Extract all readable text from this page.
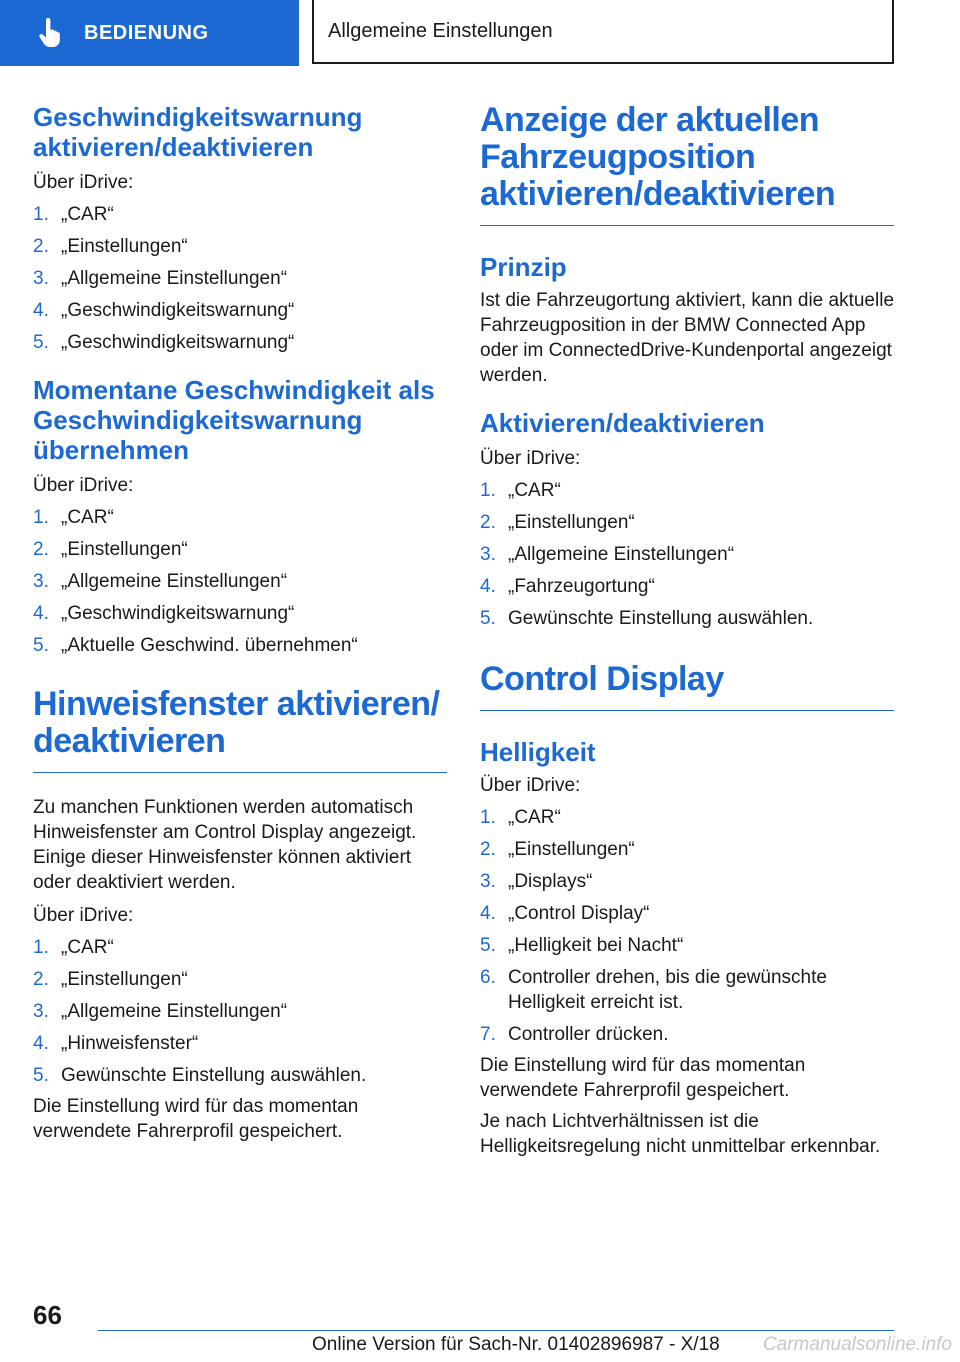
BEDIENUNG	Allgemeine Einstellungen
Geschwindigkeitswarnung aktivieren/deaktivieren

Über iDrive:

1. „CAR“
2. „Einstellungen“
3. „Allgemeine Einstellungen“
4. „Geschwindigkeitswarnung“
5. „Geschwindigkeitswarnung“
Momentane Geschwindigkeit als Geschwindigkeitswarnung übernehmen

Über iDrive:

1. „CAR“
2. „Einstellungen“
3. „Allgemeine Einstellungen“
4. „Geschwindigkeitswarnung“
5. „Aktuelle Geschwind. übernehmen“
Hinweisfenster aktivieren/ deaktivieren

Zu manchen Funktionen werden automatisch Hinweisfenster am Control Display angezeigt. Einige dieser Hinweisfenster können aktiviert oder deaktiviert werden.

Über iDrive:

1. „CAR“
2. „Einstellungen“
3. „Allgemeine Einstellungen“
4. „Hinweisfenster“
5. Gewünschte Einstellung auswählen.

Die Einstellung wird für das momentan verwendete Fahrerprofil gespeichert.

Anzeige der aktuellen Fahrzeugposition aktivieren/deaktivieren
Prinzip

Ist die Fahrzeugortung aktiviert, kann die aktuelle Fahrzeugposition in der BMW Connected App oder im ConnectedDrive-Kundenportal angezeigt werden.

Aktivieren/deaktivieren

Über iDrive:

1. „CAR“
2. „Einstellungen“
3. „Allgemeine Einstellungen“
4. „Fahrzeugortung“
5. Gewünschte Einstellung auswählen.
Control Display
Helligkeit

Über iDrive:

1. „CAR“
2. „Einstellungen“
3. „Displays“
4. „Control Display“
5. „Helligkeit bei Nacht“
6. Controller drehen, bis die gewünschte Helligkeit erreicht ist.
7. Controller drücken.

Die Einstellung wird für das momentan verwendete Fahrerprofil gespeichert.

Je nach Lichtverhältnissen ist die Helligkeitsregelung nicht unmittelbar erkennbar.

66
Online Version für Sach-Nr. 01402896987 - X/18 Carmanualsonline.info
